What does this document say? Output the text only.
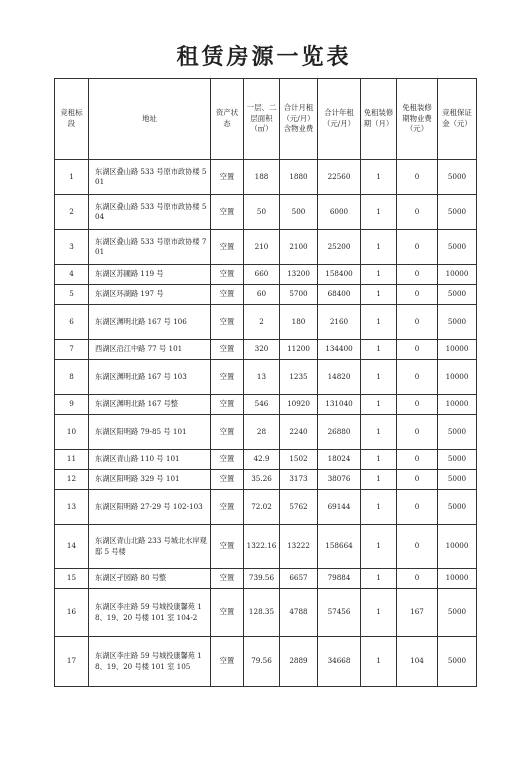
租赁房源一览表
竞租标段	地址	资产状态	一层、二层面积（㎡）	合计月租（元/月）含物业费	合计年租（元/月）	免租装修期（月）	免租装修期物业费（元）	竞租保证金（元）
1	东湖区叠山路 533 号原市政协楼 501	空置	188	1880	22560	1	0	5000
2	东湖区叠山路 533 号原市政协楼 504	空置	50	500	6000	1	0	5000
3	东湖区叠山路 533 号原市政协楼 701	空置	210	2100	25200	1	0	5000
4	东湖区苏圃路 119 号	空置	660	13200	158400	1	0	10000
5	东湖区环湖路 197 号	空置	60	5700	68400	1	0	5000
6	东湖区渊明北路 167 号 106	空置	2	180	2160	1	0	5000
7	西湖区沿江中路 77 号 101	空置	320	11200	134400	1	0	10000
8	东湖区渊明北路 167 号 103	空置	13	1235	14820	1	0	10000
9	东湖区渊明北路 167 号整	空置	546	10920	131040	1	0	10000
10	东湖区阳明路 79-85 号 101	空置	28	2240	26880	1	0	5000
11	东湖区青山路 110 号 101	空置	42.9	1502	18024	1	0	5000
12	东湖区阳明路 329 号 101	空置	35.26	3173	38076	1	0	5000
13	东湖区阳明路 27-29 号 102-103	空置	72.02	5762	69144	1	0	5000
14	东湖区青山北路 233 号城北水岸观邸 5 号楼	空置	1322.16	13222	158664	1	0	10000
15	东湖区孑园路 80 号整	空置	739.56	6657	79884	1	0	10000
16	东湖区李庄路 59 号城投康馨苑 18、19、20 号楼 101 室 104-2	空置	128.35	4788	57456	1	167	5000
17	东湖区李庄路 59 号城投康馨苑 18、19、20 号楼 101 室 105	空置	79.56	2889	34668	1	104	5000
